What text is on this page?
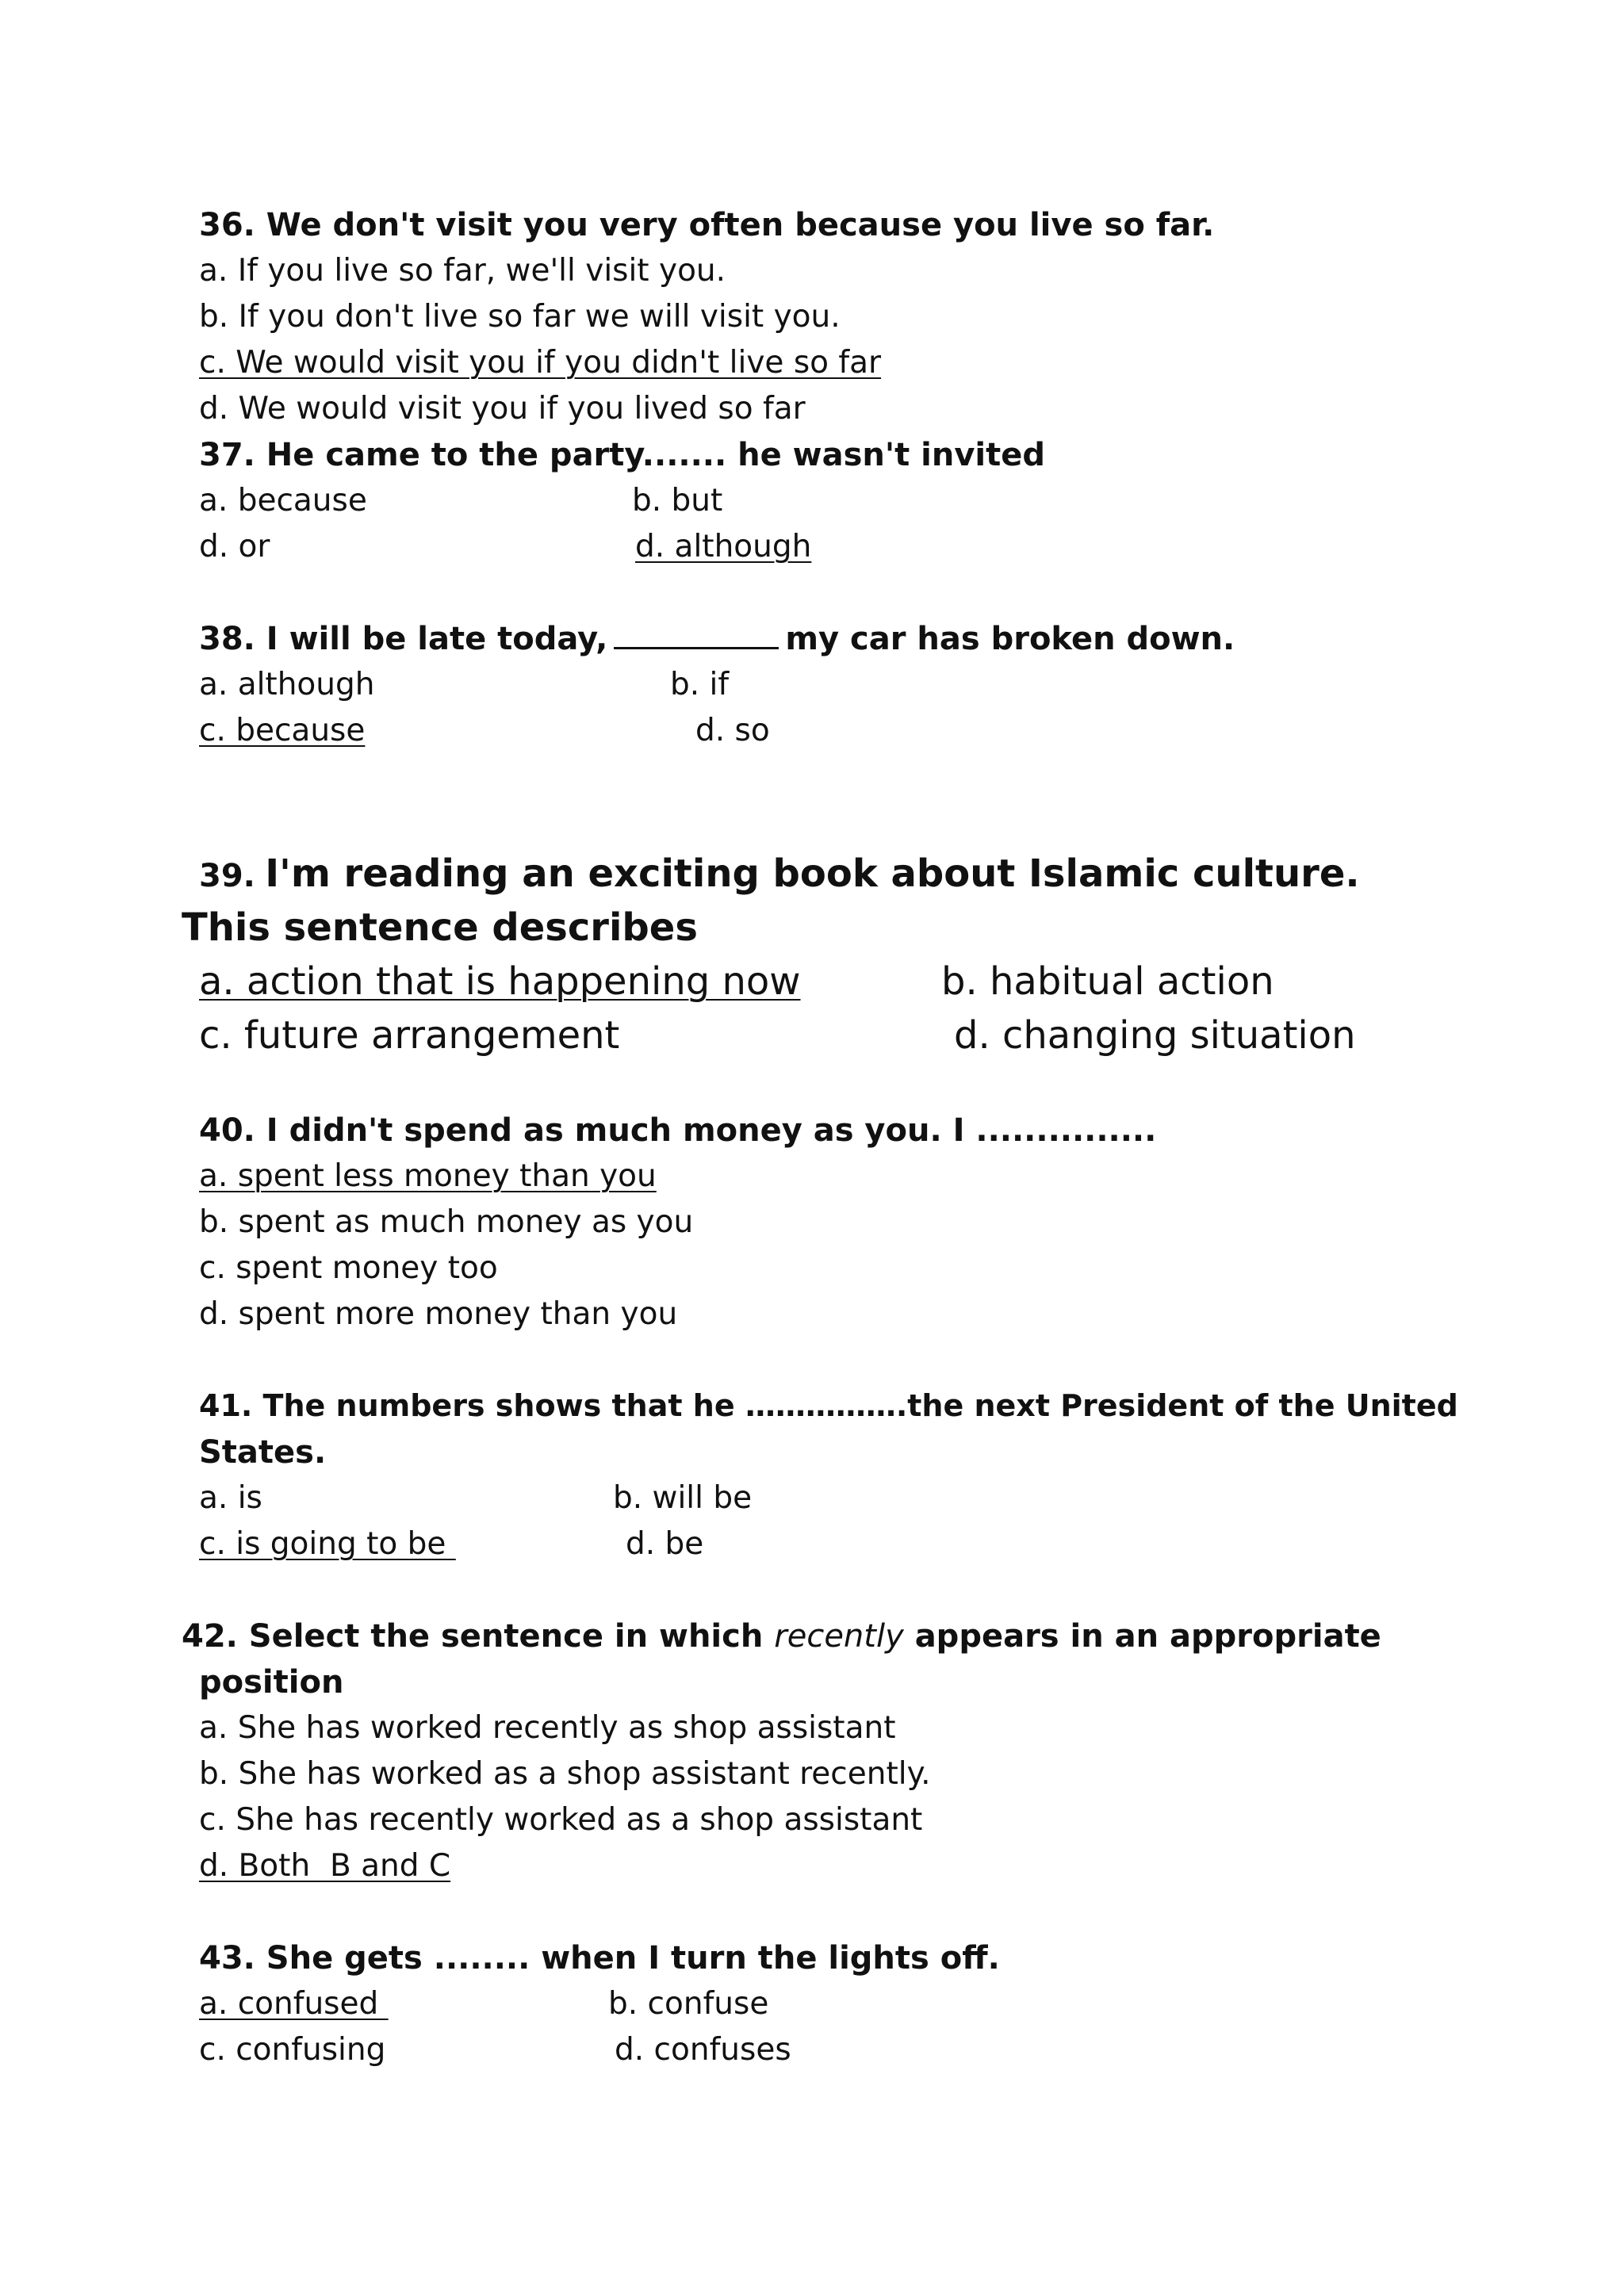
36. We don't visit you very often because you live so far.
a. If you live so far, we'll visit you.
b. If you don't live so far we will visit you.
c. We would visit you if you didn't live so far
d. We would visit you if you lived so far
37. He came to the party....... he wasn't invited
a. because	b. but
d. or	d. although
38. I will be late today,	my car has broken down.
a. although	b. if
c. because	d. so
39. I'm reading an exciting book about Islamic culture.
This sentence describes
a. action that is happening now	b. habitual action
c. future arrangement	d. changing situation
40. I didn't spend as much money as you. I ...............
a. spent less money than you
b. spent as much money as you
c. spent money too
d. spent more money than you
41. The numbers shows that he …………….the next President of the United
States.
a. is	b. will be
c. is going to be	d. be
42. Select the sentence in which recently appears in an appropriate
position
a. She has worked recently as shop assistant
b. She has worked as a shop assistant recently.
c. She has recently worked as a shop assistant
d. Both  B and C
43. She gets ........ when I turn the lights off.
a. confused	b. confuse
c. confusing	d. confuses
